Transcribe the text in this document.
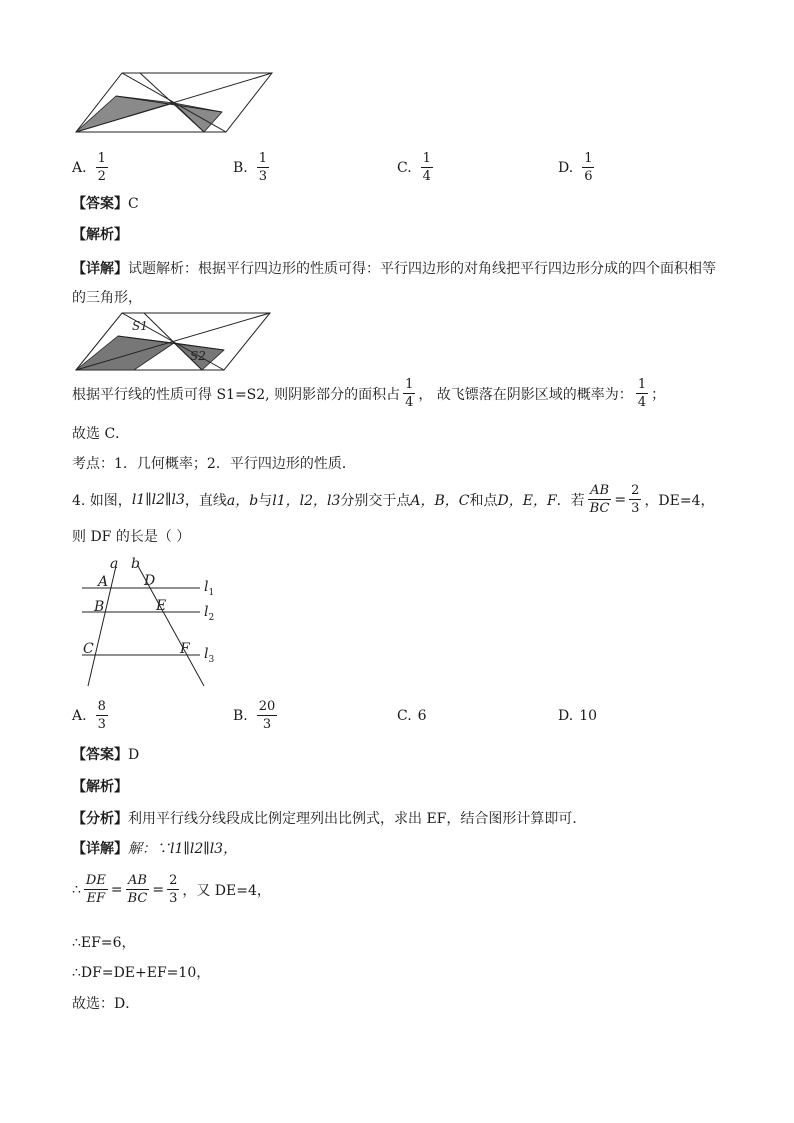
A. $\frac{1}{2}$	B. $\frac{1}{3}$	C. $\frac{1}{4}$	D. $\frac{1}{6}$
【答案】C
【解析】
【详解】试题解析：根据平行四边形的性质可得：平行四边形的对角线把平行四边形分成的四个面积相等
的三角形，
S1
S2
根据平行线的性质可得 S1=S2, 则阴影部分的面积占 $\frac{1}{4}$ ， 故飞镖落在阴影区域的概率为： $\frac{1}{4}$ ；
故选 C．
考点：1．几何概率；2．平行四边形的性质．
4. 如图， l1∥l2∥l3 ，直线 a，b 与 l1，l2，l3 分别交于点 A，B，C 和点 D，E，F ．若 $\frac{AB}{BC} = \frac{2}{3}$ ，DE=4，
则 DF 的长是（ ）
a b
A	D
B	E
C	F
$l_1$
$l_2$
$l_3$
A. $\frac{8}{3}$	B. $\frac{20}{3}$	C. 6	D. 10
【答案】D
【解析】
【分析】利用平行线分线段成比例定理列出比例式，求出 EF，结合图形计算即可．
【详解】解：∵l1∥l2∥l3，
∴ $\frac{DE}{EF} = \frac{AB}{BC} = \frac{2}{3}$ ，又 DE=4，
∴EF=6，
∴DF=DE+EF=10，
故选：D．
